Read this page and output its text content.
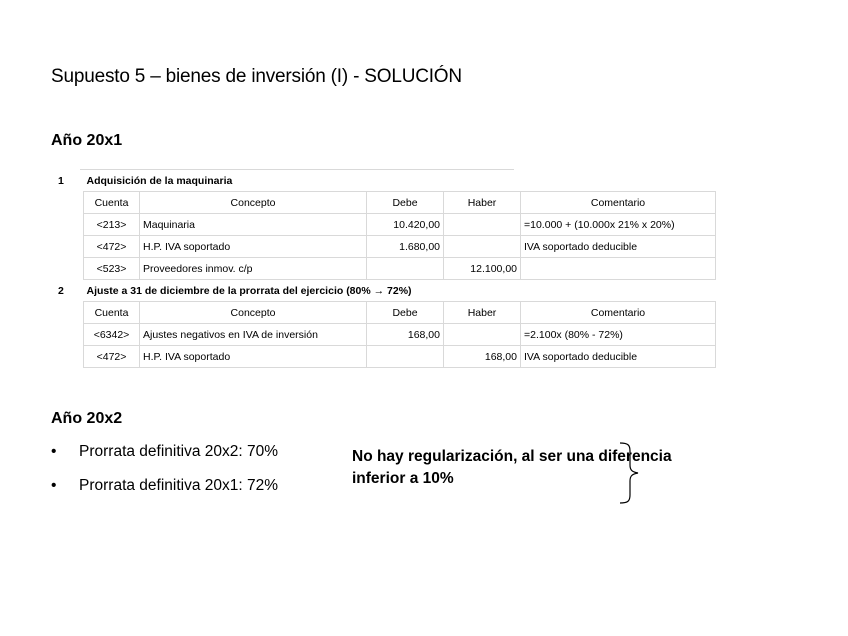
Supuesto 5 – bienes de inversión (I) - SOLUCIÓN
Año 20x1
1	Adquisición de la maquinaria				
	Cuenta	Concepto	Debe	Haber	Comentario
	<213>	Maquinaria	10.420,00		=10.000 + (10.000x 21% x 20%)
	<472>	H.P. IVA soportado	1.680,00		IVA soportado deducible
	<523>	Proveedores inmov. c/p		12.100,00	
2	Ajuste a 31 de diciembre de la prorrata del ejercicio (80% → 72%)				
	Cuenta	Concepto	Debe	Haber	Comentario
	<6342>	Ajustes negativos en IVA de inversión	168,00		=2.100x (80% - 72%)
	<472>	H.P. IVA soportado		168,00	IVA soportado deducible
Año 20x2
•	Prorrata definitiva 20x2: 70%
•	Prorrata definitiva 20x1: 72%
No hay regularización, al ser una diferencia
inferior a 10%
